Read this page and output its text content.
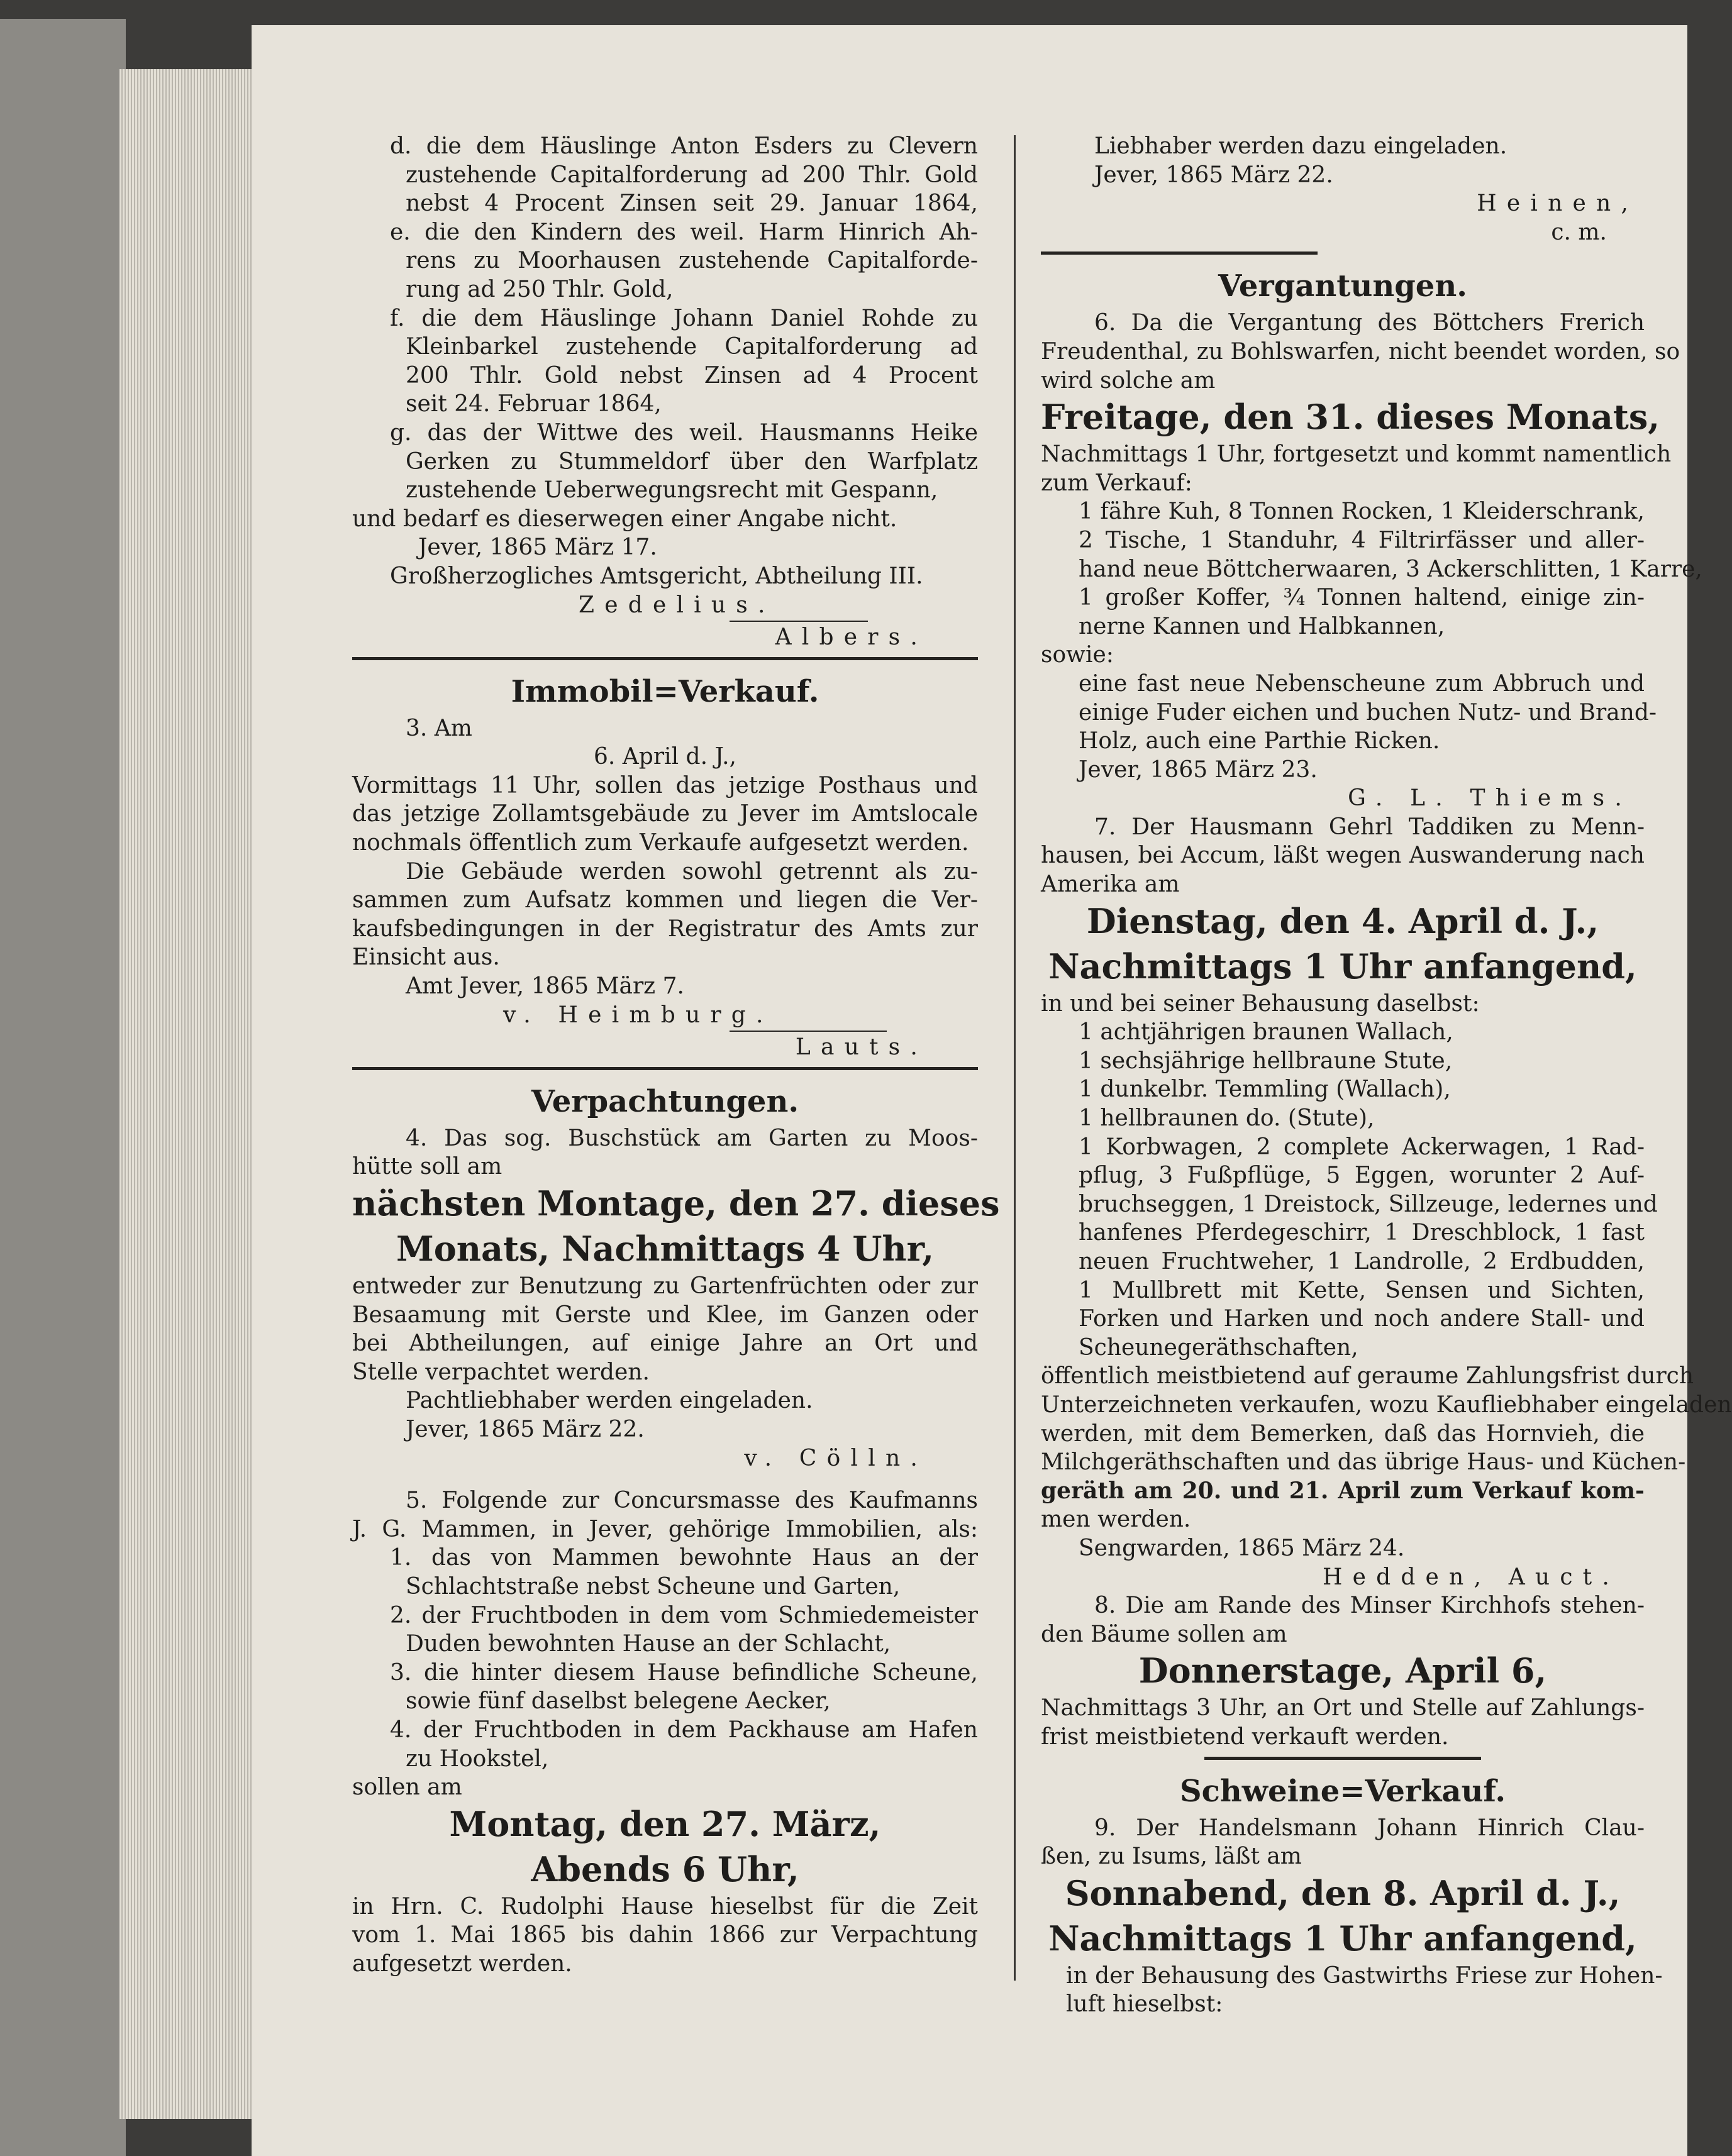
d. die dem Häuslinge Anton Esders zu Clevern
zustehende Capitalforderung ad 200 Thlr. Gold
nebst 4 Procent Zinsen seit 29. Januar 1864,
e. die den Kindern des weil. Harm Hinrich Ah-
rens zu Moorhausen zustehende Capitalforde-
rung ad 250 Thlr. Gold,
f. die dem Häuslinge Johann Daniel Rohde zu
Kleinbarkel zustehende Capitalforderung ad
200 Thlr. Gold nebst Zinsen ad 4 Procent
seit 24. Februar 1864,
g. das der Wittwe des weil. Hausmanns Heike
Gerken zu Stummeldorf über den Warfplatz
zustehende Ueberwegungsrecht mit Gespann,
und bedarf es dieserwegen einer Angabe nicht.
Jever, 1865 März 17.
Großherzogliches Amtsgericht, Abtheilung III.
Zedelius.
Albers.
Immobil=Verkauf.
3. Am
6. April d. J.,
Vormittags 11 Uhr, sollen das jetzige Posthaus und
das jetzige Zollamtsgebäude zu Jever im Amtslocale
nochmals öffentlich zum Verkaufe aufgesetzt werden.
Die Gebäude werden sowohl getrennt als zu-
sammen zum Aufsatz kommen und liegen die Ver-
kaufsbedingungen in der Registratur des Amts zur
Einsicht aus.
Amt Jever, 1865 März 7.
v. Heimburg.
Lauts.
Verpachtungen.
4. Das sog. Buschstück am Garten zu Moos-
hütte soll am
nächsten Montage, den 27. dieses
Monats, Nachmittags 4 Uhr,
entweder zur Benutzung zu Gartenfrüchten oder zur
Besaamung mit Gerste und Klee, im Ganzen oder
bei Abtheilungen, auf einige Jahre an Ort und
Stelle verpachtet werden.
Pachtliebhaber werden eingeladen.
Jever, 1865 März 22.
v. Cölln.
5. Folgende zur Concursmasse des Kaufmanns
J. G. Mammen, in Jever, gehörige Immobilien, als:
1. das von Mammen bewohnte Haus an der
Schlachtstraße nebst Scheune und Garten,
2. der Fruchtboden in dem vom Schmiedemeister
Duden bewohnten Hause an der Schlacht,
3. die hinter diesem Hause befindliche Scheune,
sowie fünf daselbst belegene Aecker,
4. der Fruchtboden in dem Packhause am Hafen
zu Hookstel,
sollen am
Montag, den 27. März,
Abends 6 Uhr,
in Hrn. C. Rudolphi Hause hieselbst für die Zeit
vom 1. Mai 1865 bis dahin 1866 zur Verpachtung
aufgesetzt werden.
Liebhaber werden dazu eingeladen.
Jever, 1865 März 22.
Heinen,
c. m.
Vergantungen.
6. Da die Vergantung des Böttchers Frerich
Freudenthal, zu Bohlswarfen, nicht beendet worden, so
wird solche am
Freitage, den 31. dieses Monats,
Nachmittags 1 Uhr, fortgesetzt und kommt namentlich
zum Verkauf:
1 fähre Kuh, 8 Tonnen Rocken, 1 Kleiderschrank,
2 Tische, 1 Standuhr, 4 Filtrirfässer und aller-
hand neue Böttcherwaaren, 3 Ackerschlitten, 1 Karre,
1 großer Koffer, ¾ Tonnen haltend, einige zin-
nerne Kannen und Halbkannen,
sowie:
eine fast neue Nebenscheune zum Abbruch und
einige Fuder eichen und buchen Nutz- und Brand-
Holz, auch eine Parthie Ricken.
Jever, 1865 März 23.
G. L. Thiems.
7. Der Hausmann Gehrl Taddiken zu Menn-
hausen, bei Accum, läßt wegen Auswanderung nach
Amerika am
Dienstag, den 4. April d. J.,
Nachmittags 1 Uhr anfangend,
in und bei seiner Behausung daselbst:
1 achtjährigen braunen Wallach,
1 sechsjährige hellbraune Stute,
1 dunkelbr. Temmling (Wallach),
1 hellbraunen do. (Stute),
1 Korbwagen, 2 complete Ackerwagen, 1 Rad-
pflug, 3 Fußpflüge, 5 Eggen, worunter 2 Auf-
bruchseggen, 1 Dreistock, Sillzeuge, ledernes und
hanfenes Pferdegeschirr, 1 Dreschblock, 1 fast
neuen Fruchtweher, 1 Landrolle, 2 Erdbudden,
1 Mullbrett mit Kette, Sensen und Sichten,
Forken und Harken und noch andere Stall- und
Scheunegeräthschaften,
öffentlich meistbietend auf geraume Zahlungsfrist durch
Unterzeichneten verkaufen, wozu Kaufliebhaber eingeladen
werden, mit dem Bemerken, daß das Hornvieh, die
Milchgeräthschaften und das übrige Haus- und Küchen-
geräth am 20. und 21. April zum Verkauf kom-
men werden.
Sengwarden, 1865 März 24.
Hedden, Auct.
8. Die am Rande des Minser Kirchhofs stehen-
den Bäume sollen am
Donnerstage, April 6,
Nachmittags 3 Uhr, an Ort und Stelle auf Zahlungs-
frist meistbietend verkauft werden.
Schweine=Verkauf.
9. Der Handelsmann Johann Hinrich Clau-
ßen, zu Isums, läßt am
Sonnabend, den 8. April d. J.,
Nachmittags 1 Uhr anfangend,
in der Behausung des Gastwirths Friese zur Hohen-
luft hieselbst:
